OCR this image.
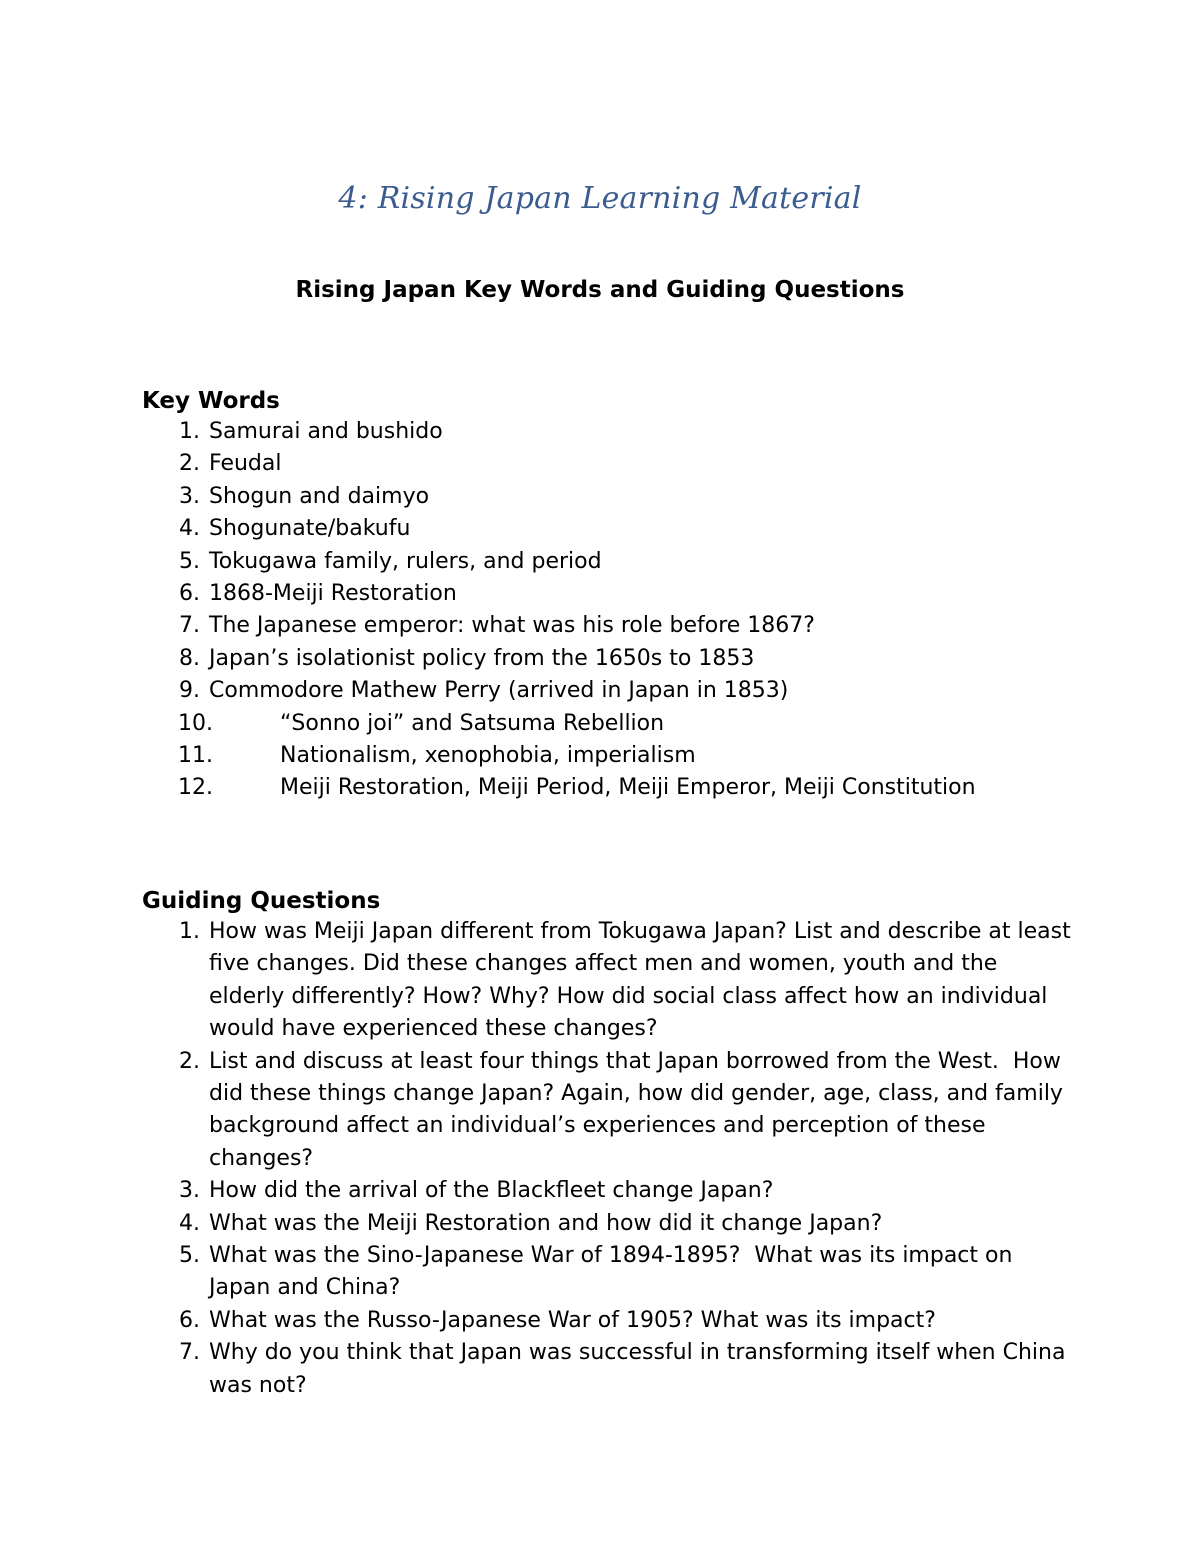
4: Rising Japan Learning Material
Rising Japan Key Words and Guiding Questions
Key Words
1. Samurai and bushido
2. Feudal
3. Shogun and daimyo
4. Shogunate/bakufu
5. Tokugawa family, rulers, and period
6. 1868-Meiji Restoration
7. The Japanese emperor: what was his role before 1867?
8. Japan’s isolationist policy from the 1650s to 1853
9. Commodore Mathew Perry (arrived in Japan in 1853)
10.	“Sonno joi” and Satsuma Rebellion
11.	Nationalism, xenophobia, imperialism
12.	Meiji Restoration, Meiji Period, Meiji Emperor, Meiji Constitution
Guiding Questions
1. How was Meiji Japan different from Tokugawa Japan? List and describe at least five changes. Did these changes affect men and women, youth and the elderly differently? How? Why? How did social class affect how an individual would have experienced these changes?
2. List and discuss at least four things that Japan borrowed from the West.  How did these things change Japan? Again, how did gender, age, class, and family background affect an individual’s experiences and perception of these changes?
3. How did the arrival of the Blackfleet change Japan?
4. What was the Meiji Restoration and how did it change Japan?
5. What was the Sino-Japanese War of 1894-1895?  What was its impact on Japan and China?
6. What was the Russo-Japanese War of 1905? What was its impact?
7. Why do you think that Japan was successful in transforming itself when China was not?
